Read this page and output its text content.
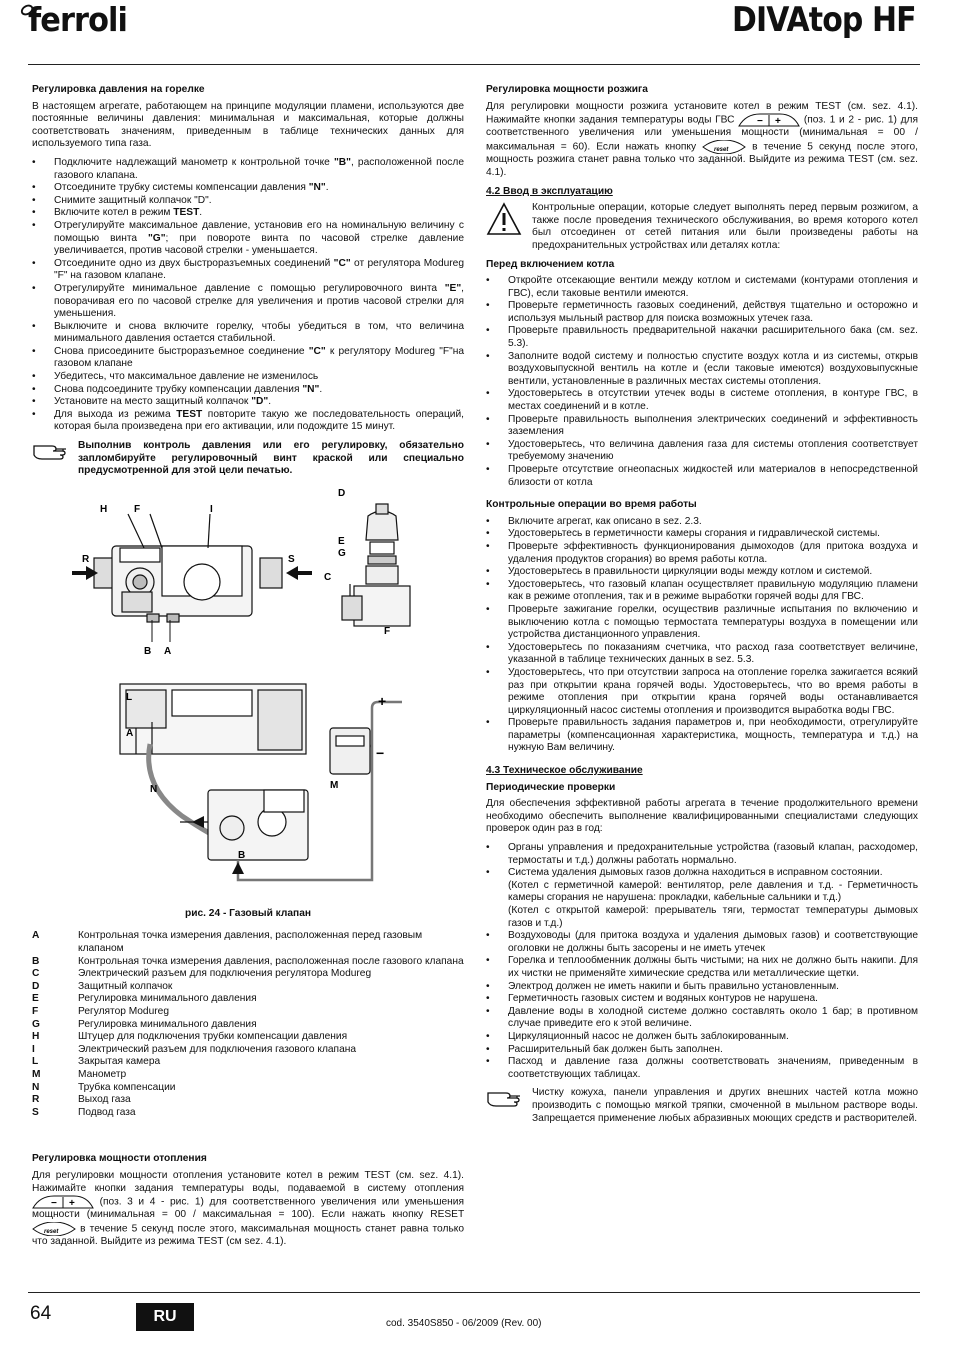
ferroli	DIVAtop HF
Регулировка давления на горелке
В настоящем агрегате, работающем на принципе модуляции пламени, используются две постоянные величины давления: минимальная и максимальная, которые должны соответствовать значениям, приведенным в таблице технических данных для используемого типа газа.
• Подключите надлежащий манометр к контрольной точке "B", расположенной после газового клапана.
• Отсоедините трубку системы компенсации давления "N".
• Снимите защитный колпачок "D".
• Включите котел в режим TEST.
• Отрегулируйте максимальное давление, установив его на номинальную величину с помощью винта "G"; при повороте винта по часовой стрелке давление увеличивается, против часовой стрелки - уменьшается.
• Отсоедините одно из двух быстроразъемных соединений "C" от регулятора Modureg "F" на газовом клапане.
• Отрегулируйте минимальное давление с помощью регулировочного винта "E", поворачивая его по часовой стрелке для увеличения и против часовой стрелки для уменьшения.
• Выключите и снова включите горелку, чтобы убедиться в том, что величина минимального давления остается стабильной.
• Снова присоедините быстроразъемное соединение "C" к регулятору Modureg "F"на газовом клапане
• Убедитесь, что максимальное давление не изменилось
• Снова подсоедините трубку компенсации давления "N".
• Установите на место защитный колпачок "D".
• Для выхода из режима TEST повторите такую же последовательность операций, которая была произведена при его активации, или подождите 15 минут.
Выполнив контроль давления или его регулировку, обязательно запломбируйте регулировочный винт краской или специально предусмотренной для этой цели печатью.
H	F	I
R	S
B A
D
E
G
C
F
L
A
N	M
B
+
−
рис. 24 - Газовый клапан
A	Контрольная точка измерения давления, расположенная перед газовым клапаном
B	Контрольная точка измерения давления, расположенная после газового клапана
C	Электрический разъем для подключения регулятора Modureg
D	Защитный колпачок
E	Регулировка минимального давления
F	Регулятор Modureg
G	Регулировка минимального давления
H	Штуцер для подключения трубки компенсации давления
I	Электрический разъем для подключения газового клапана
L	Закрытая камера
M	Манометр
N	Трубка компенсации
R	Выход газа
S	Подвод газа
Регулировка мощности отопления
Для регулировки мощности отопления установите котел в режим TEST (см. sez. 4.1). Нажимайте кнопки задания температуры воды, подаваемой в систему отопления
− + (поз. 3 и 4 - рис. 1) для соответственного увеличения или уменьшения мощности (минимальная = 00 / максимальная = 100). Если нажать кнопку RESET
reset в течение 5 секунд после этого, максимальная мощность станет равна только что заданной. Выйдите из режима TEST (см sez. 4.1).
Регулировка мощности розжига
Для регулировки мощности розжига установите котел в режим TEST (см. sez. 4.1). Нажимайте кнопки задания температуры воды ГВС − + (поз. 1 и 2 - рис. 1) для соответственного увеличения или уменьшения мощности (минимальная = 00 / максимальная = 60). Если нажать кнопку	reset в течение 5 секунд после этого, мощность розжига станет равна только что заданной. Выйдите из режима TEST (см. sez. 4.1).
4.2 Ввод в эксплуатацию
Контрольные операции, которые следует выполнять перед первым розжигом, а также после проведения технического обслуживания, во время которого котел был отсоединен от сетей питания или были произведены работы на предохранительных устройствах или деталях котла:
Перед включением котла
• Откройте отсекающие вентили между котлом и системами (контурами отопления и ГВС), если таковые вентили имеются.
• Проверьте герметичность газовых соединений, действуя тщательно и осторожно и используя мыльный раствор для поиска возможных утечек газа.
• Проверьте правильность предварительной накачки расширительного бака (см. sez. 5.3).
• Заполните водой систему и полностью спустите воздух котла и из системы, открыв воздуховыпускной вентиль на котле и (если таковые имеются) воздуховыпускные вентили, установленные в различных местах системы отопления.
• Удостоверьтесь в отсутствии утечек воды в системе отопления, в контуре ГВС, в местах соединений и в котле.
• Проверьте правильность выполнения электрических соединений и эффективность заземления
• Удостоверьтесь, что величина давления газа для системы отопления соответствует требуемому значению
• Проверьте отсутствие огнеопасных жидкостей или материалов в непосредственной близости от котла
Контрольные операции во время работы
• Включите агрегат, как описано в sez. 2.3.
• Удостоверьтесь в герметичности камеры сгорания и гидравлической системы.
• Проверьте эффективность функционирования дымоходов (для притока воздуха и удаления продуктов сгорания) во время работы котла.
• Удостоверьтесь в правильности циркуляции воды между котлом и системой.
• Удостоверьтесь, что газовый клапан осуществляет правильную модуляцию пламени как в режиме отопления, так и в режиме выработки горячей воды для ГВС.
• Проверьте зажигание горелки, осуществив различные испытания по включению и выключению котла с помощью термостата температуры воздуха в помещении или устройства дистанционного управления.
• Удостоверьтесь по показаниям счетчика, что расход газа соответствует величине, указанной в таблице технических данных в sez. 5.3.
• Удостоверьтесь, что при отсутствии запроса на отопление горелка зажигается всякий раз при открытии крана горячей воды. Удостоверьтесь, что во время работы в режиме отопления при открытии крана горячей воды останавливается циркуляционный насос системы отопления и производится выработка воды ГВС.
• Проверьте правильность задания параметров и, при необходимости, отрегулируйте параметры (компенсационная характеристика, мощность, температура и т.д.) на нужную Вам величину.
4.3 Техническое обслуживание
Периодические проверки
Для обеспечения эффективной работы агрегата в течение продолжительного времени необходимо обеспечить выполнение квалифицированными специалистами следующих проверок один раз в год:
• Органы управления и предохранительные устройства (газовый клапан, расходомер, термостаты и т.д.) должны работать нормально.
• Система удаления дымовых газов должна находиться в исправном состоянии.
(Котел с герметичной камерой: вентилятор, реле давления и т.д. - Герметичность камеры сгорания не нарушена: прокладки, кабельные сальники и т.д.)
(Котел с открытой камерой: прерыватель тяги, термостат температуры дымовых газов и т.д.)
• Воздуховоды (для притока воздуха и удаления дымовых газов) и соответствующие оголовки не должны быть засорены и не иметь утечек
• Горелка и теплообменник должны быть чистыми; на них не должно быть накипи. Для их чистки не применяйте химические средства или металлические щетки.
• Электрод должен не иметь накипи и быть правильно установленным.
• Герметичность газовых систем и водяных контуров не нарушена.
• Давление воды в холодной системе должно составлять около 1 бар; в противном случае приведите его к этой величине.
• Циркуляционный насос не должен быть заблокированным.
• Расширительный бак должен быть заполнен.
• Пасход и давление газа должны соответствовать значениям, приведенным в соответствующих таблицах.
Чистку кожуха, панели управления и других внешних частей котла можно производить с помощью мягкой тряпки, смоченной в мыльном растворе воды. Запрещается применение любых абразивных моющих средств и растворителей.
64	RU	cod. 3540S850 - 06/2009 (Rev. 00)
